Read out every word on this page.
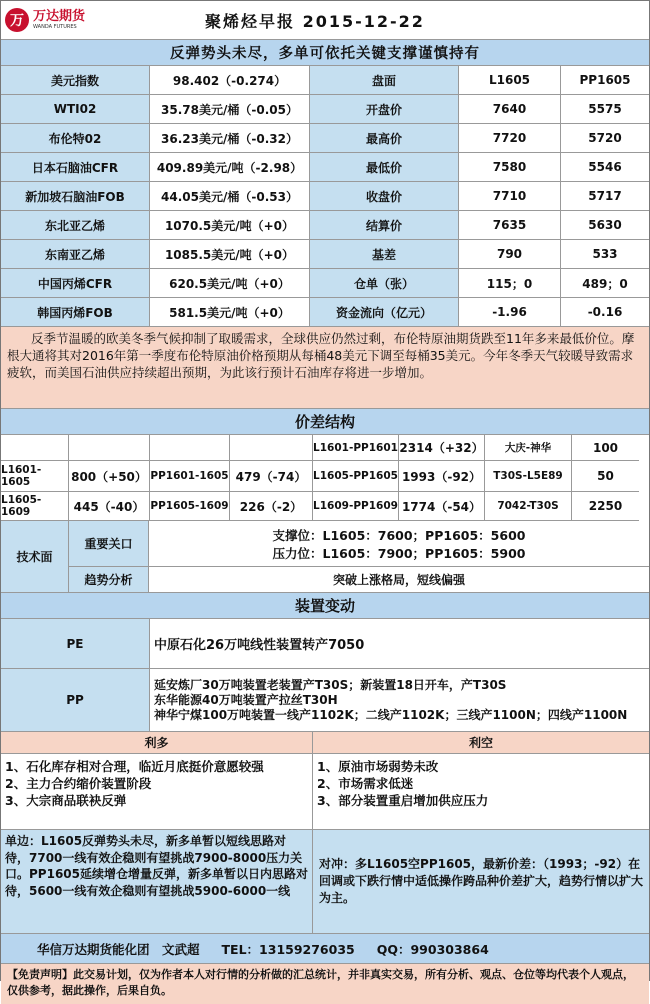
万 万达期货
WANDA FUTURES	聚烯烃早报 2015-12-22
反弹势头未尽，多单可依托关键支撑谨慎持有
美元指数	98.402（-0.274）	盘面	L1605	PP1605
WTI02	35.78美元/桶（-0.05）	开盘价	7640	5575
布伦特02	36.23美元/桶（-0.32）	最高价	7720	5720
日本石脑油CFR	409.89美元/吨（-2.98）	最低价	7580	5546
新加坡石脑油FOB	44.05美元/桶（-0.53）	收盘价	7710	5717
东北亚乙烯	1070.5美元/吨（+0）	结算价	7635	5630
东南亚乙烯	1085.5美元/吨（+0）	基差	790	533
中国丙烯CFR	620.5美元/吨（+0）	仓单（张）	115；0	489；0
韩国丙烯FOB	581.5美元/吨（+0）	资金流向（亿元）	-1.96	-0.16
反季节温暖的欧美冬季气候抑制了取暖需求，全球供应仍然过剩，布伦特原油期货跌至11年多来最低价位。摩根大通将其对2016年第一季度布伦特原油价格预期从每桶48美元下调至每桶35美元。今年冬季天气较暖导致需求疲软，而美国石油供应持续超出预期，为此该行预计石油库存将进一步增加。
价差结构
L1601-PP1601 2314（+32）	大庆-神华	100
L1601-1605	800（+50） PP1601-1605 479（-74） L1605-PP1605 1993（-92）	T30S-L5E89	50
L1605-1609	445（-40） PP1605-1609 226（-2）	L1609-PP1609 1774（-54）	7042-T30S	2250
技术面
重要关口
支撑位：L1605：7600；PP1605：5600
压力位：L1605：7900；PP1605：5900
趋势分析	突破上涨格局，短线偏强
装置变动
PE	中原石化26万吨线性装置转产7050
PP
延安炼厂30万吨装置老装置产T30S；新装置18日开车，产T30S
东华能源40万吨装置产拉丝T30H
神华宁煤100万吨装置一线产1102K；二线产1102K；三线产1100N；四线产1100N
利多	利空
1、石化库存相对合理，临近月底挺价意愿较强
2、主力合约缩价装置阶段
3、大宗商品联袂反弹
1、原油市场弱势未改
2、市场需求低迷
3、部分装置重启增加供应压力
单边：L1605反弹势头未尽，新多单暂以短线思路对待，7700一线有效企稳则有望挑战7900-8000压力关口。PP1605延续增仓增量反弹，新多单暂以日内思路对待，5600一线有效企稳则有望挑战5900-6000一线
对冲：多L1605空PP1605，最新价差：（1993；-92）在回调或下跌行情中适低操作跨品种价差扩大，趋势行情以扩大为主。
华信万达期货能化团　文武超 TEL：13159276035 QQ：990303864
【免责声明】此交易计划，仅为作者本人对行情的分析做的汇总统计，并非真实交易，所有分析、观点、仓位等均代表个人观点，仅供参考，据此操作，后果自负。
